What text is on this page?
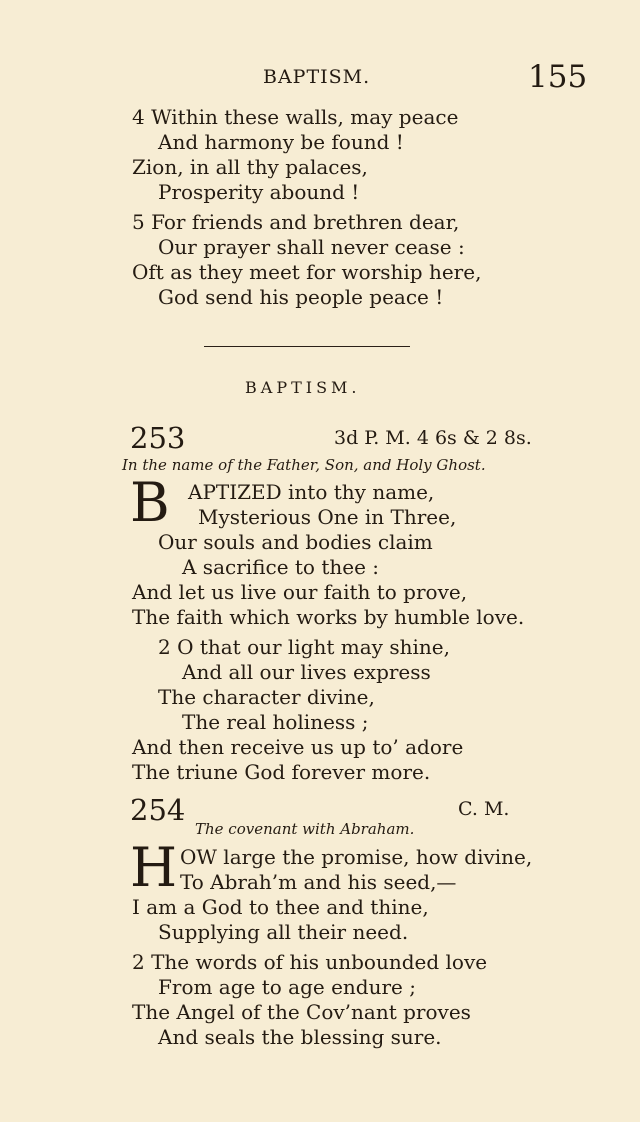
BAPTISM.	155
4 Within these walls, may peace
And harmony be found !
Zion, in all thy palaces,
Prosperity abound !
5 For friends and brethren dear,
Our prayer shall never cease :
Oft as they meet for worship here,
God send his people peace !
BAPTISM.
253	3d P. M. 4 6s & 2 8s.
In the name of the Father, Son, and Holy Ghost.
B APTIZED into thy name,
Mysterious One in Three,
Our souls and bodies claim
A sacrifice to thee :
And let us live our faith to prove,
The faith which works by humble love.
2 O that our light may shine,
And all our lives express
The character divine,
The real holiness ;
And then receive us up to’ adore
The triune God forever more.
254	C. M.
The covenant with Abraham.
H OW large the promise, how divine,
To Abrah’m and his seed,—
I am a God to thee and thine,
Supplying all their need.
2 The words of his unbounded love
From age to age endure ;
The Angel of the Cov’nant proves
And seals the blessing sure.
